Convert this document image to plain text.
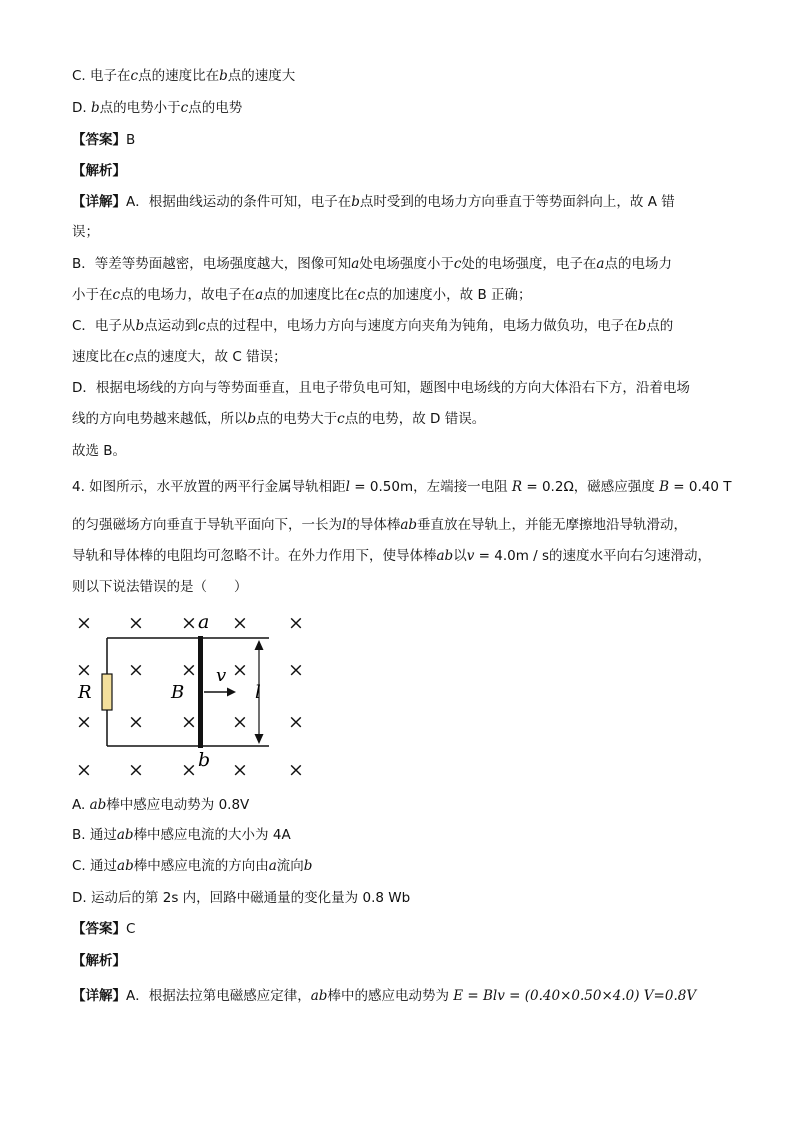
C. 电子在c点的速度比在b点的速度大
D. b点的电势小于c点的电势
【答案】B
【解析】
【详解】A．根据曲线运动的条件可知，电子在b点时受到的电场力方向垂直于等势面斜向上，故 A 错
误；
B．等差等势面越密，电场强度越大，图像可知a处电场强度小于c处的电场强度，电子在a点的电场力
小于在c点的电场力，故电子在a点的加速度比在c点的加速度小，故 B 正确；
C．电子从b点运动到c点的过程中，电场力方向与速度方向夹角为钝角，电场力做负功，电子在b点的
速度比在c点的速度大，故 C 错误；
D．根据电场线的方向与等势面垂直，且电子带负电可知，题图中电场线的方向大体沿右下方，沿着电场
线的方向电势越来越低，所以b点的电势大于c点的电势，故 D 错误。
故选 B。
4. 如图所示，水平放置的两平行金属导轨相距l = 0.50m，左端接一电阻 R = 0.2Ω，磁感应强度 B = 0.40 T
的匀强磁场方向垂直于导轨平面向下，一长为l的导体棒ab垂直放在导轨上，并能无摩擦地沿导轨滑动，
导轨和导体棒的电阻均可忽略不计。在外力作用下，使导体棒ab以v = 4.0m / s的速度水平向右匀速滑动，
则以下说法错误的是（　　）
× × × × ×
× × × × ×
× × × × ×
× × × × ×
a
b
R	B
v
l
A. ab棒中感应电动势为 0.8V
B. 通过ab棒中感应电流的大小为 4A
C. 通过ab棒中感应电流的方向由a流向b
D. 运动后的第 2s 内，回路中磁通量的变化量为 0.8 Wb
【答案】C
【解析】
【详解】A．根据法拉第电磁感应定律，ab棒中的感应电动势为 E = Blv = (0.40×0.50×4.0) V=0.8V
